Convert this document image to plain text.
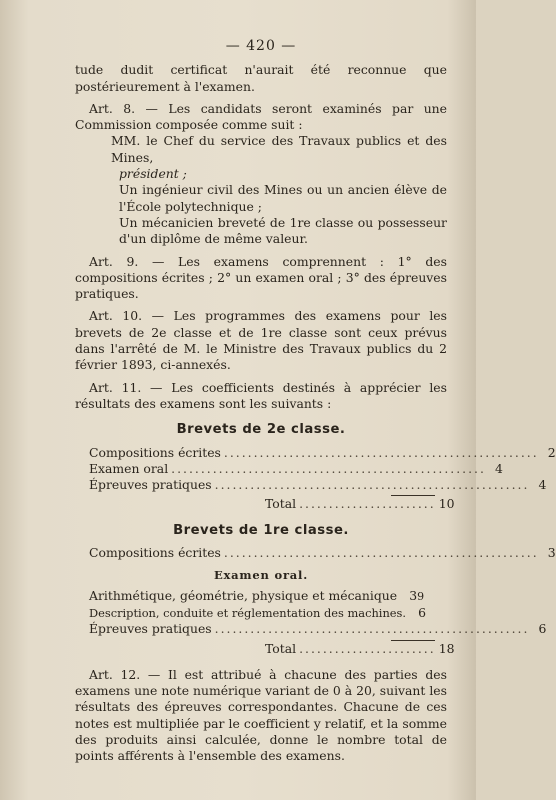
— 420 —

tude dudit certificat n'aurait été reconnue que postérieurement à l'examen.

Art. 8. — Les candidats seront examinés par une Commission composée comme suit :

MM. le Chef du service des Travaux publics et des Mines,

président ;

Un ingénieur civil des Mines ou un ancien élève de l'École polytechnique ;

Un mécanicien breveté de 1re classe ou possesseur d'un diplôme de même valeur.

Art. 9. — Les examens comprennent : 1° des compositions écrites ; 2° un examen oral ; 3° des épreuves pratiques.

Art. 10. — Les programmes des examens pour les brevets de 2e classe et de 1re classe sont ceux prévus dans l'arrêté de M. le Ministre des Travaux publics du 2 février 1893, ci-annexés.

Art. 11. — Les coefficients destinés à apprécier les résultats des examens sont les suivants :

Brevets de 2e classe.
Compositions écrites ..................................................... 2
Examen oral ..................................................... 4
Épreuves pratiques ..................................................... 4
Total ....................... 10
Brevets de 1re classe.
Compositions écrites ..................................................... 3
Examen oral.
Arithmétique, géométrie, physique et mécanique 3 9
Description, conduite et réglementation des machines. 6
Épreuves pratiques ..................................................... 6
Total ....................... 18

Art. 12. — Il est attribué à chacune des parties des examens une note numérique variant de 0 à 20, suivant les résultats des épreuves correspondantes. Chacune de ces notes est multipliée par le coefficient y relatif, et la somme des produits ainsi calculée, donne le nombre total de points afférents à l'ensemble des examens.
